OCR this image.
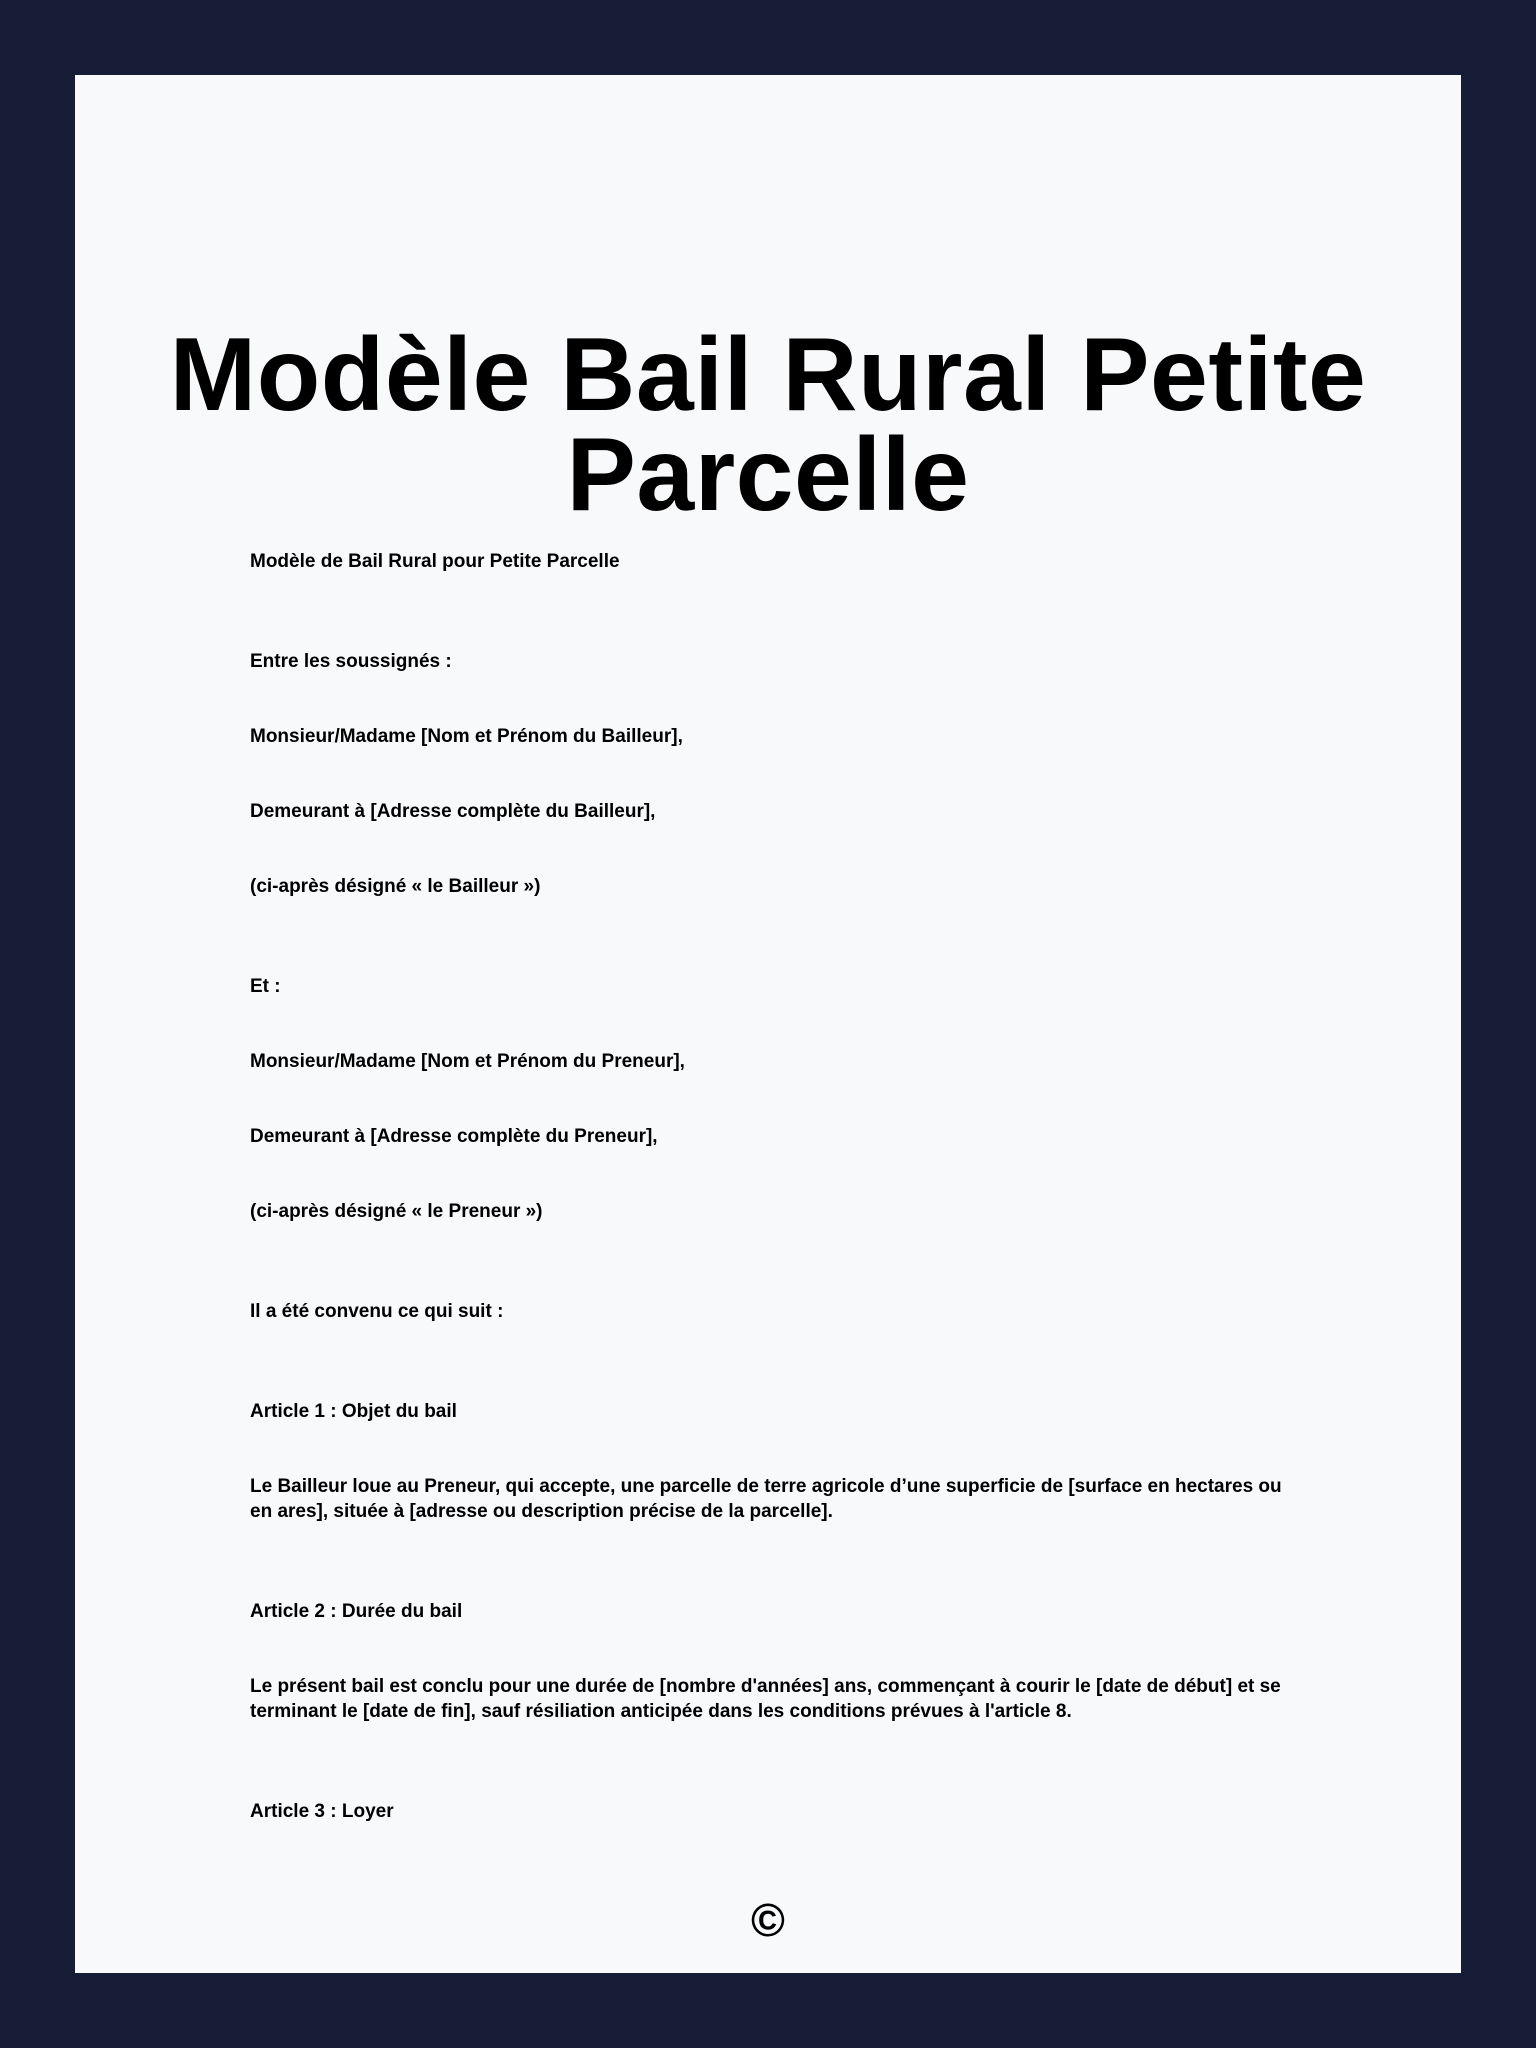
Modèle Bail Rural Petite Parcelle

Modèle de Bail Rural pour Petite Parcelle

Entre les soussignés :

Monsieur/Madame [Nom et Prénom du Bailleur],

Demeurant à [Adresse complète du Bailleur],

(ci-après désigné « le Bailleur »)

Et :

Monsieur/Madame [Nom et Prénom du Preneur],

Demeurant à [Adresse complète du Preneur],

(ci-après désigné « le Preneur »)

Il a été convenu ce qui suit :

Article 1 : Objet du bail

Le Bailleur loue au Preneur, qui accepte, une parcelle de terre agricole d’une superficie de [surface en hectares ou en ares], située à [adresse ou description précise de la parcelle].

Article 2 : Durée du bail

Le présent bail est conclu pour une durée de [nombre d'années] ans, commençant à courir le [date de début] et se terminant le [date de fin], sauf résiliation anticipée dans les conditions prévues à l'article 8.

Article 3 : Loyer

©
